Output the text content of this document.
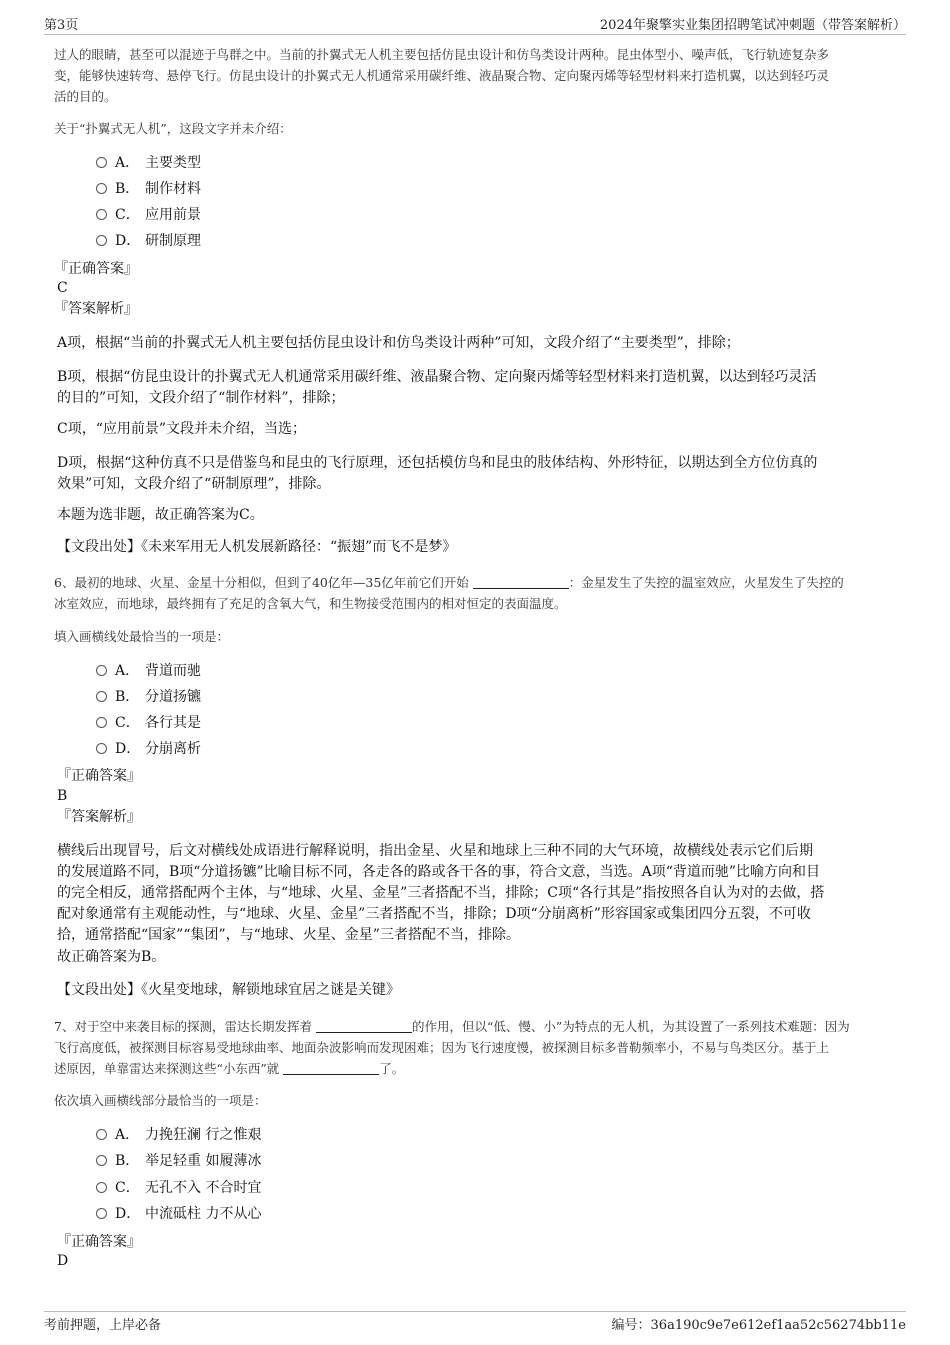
第3页	2024年聚擎实业集团招聘笔试冲刺题（带答案解析）
过人的眼睛，甚至可以混迹于鸟群之中。当前的扑翼式无人机主要包括仿昆虫设计和仿鸟类设计两种。昆虫体型小、噪声低，飞行轨迹复杂多
变，能够快速转弯、悬停飞行。仿昆虫设计的扑翼式无人机通常采用碳纤维、液晶聚合物、定向聚丙烯等轻型材料来打造机翼，以达到轻巧灵
活的目的。
关于“扑翼式无人机”，这段文字并未介绍：
A． 主要类型
B． 制作材料
C． 应用前景
D． 研制原理
『正确答案』
C
『答案解析』
A项，根据“当前的扑翼式无人机主要包括仿昆虫设计和仿鸟类设计两种”可知，文段介绍了“主要类型”，排除；
B项，根据“仿昆虫设计的扑翼式无人机通常采用碳纤维、液晶聚合物、定向聚丙烯等轻型材料来打造机翼，以达到轻巧灵活
的目的”可知，文段介绍了“制作材料”，排除；
C项，“应用前景”文段并未介绍，当选；
D项，根据“这种仿真不只是借鉴鸟和昆虫的飞行原理，还包括模仿鸟和昆虫的肢体结构、外形特征，以期达到全方位仿真的
效果”可知，文段介绍了“研制原理”，排除。
本题为选非题，故正确答案为C。
【文段出处】《未来军用无人机发展新路径：“振翅”而飞不是梦》
6、最初的地球、火星、金星十分相似，但到了40亿年—35亿年前它们开始	：金星发生了失控的温室效应，火星发生了失控的
冰室效应，而地球，最终拥有了充足的含氧大气，和生物接受范围内的相对恒定的表面温度。
填入画横线处最恰当的一项是：
A． 背道而驰
B． 分道扬镳
C． 各行其是
D． 分崩离析
『正确答案』
B
『答案解析』
横线后出现冒号，后文对横线处成语进行解释说明，指出金星、火星和地球上三种不同的大气环境，故横线处表示它们后期
的发展道路不同，B项“分道扬镳”比喻目标不同，各走各的路或各干各的事，符合文意，当选。A项“背道而驰”比喻方向和目
的完全相反，通常搭配两个主体，与“地球、火星、金星”三者搭配不当，排除；C项“各行其是”指按照各自认为对的去做，搭
配对象通常有主观能动性，与“地球、火星、金星”三者搭配不当，排除；D项“分崩离析”形容国家或集团四分五裂，不可收
拾，通常搭配“国家”“集团”，与“地球、火星、金星”三者搭配不当，排除。
故正确答案为B。
【文段出处】《火星变地球，解锁地球宜居之谜是关键》
7、对于空中来袭目标的探测，雷达长期发挥着	的作用，但以“低、慢、小”为特点的无人机，为其设置了一系列技术难题：因为
飞行高度低，被探测目标容易受地球曲率、地面杂波影响而发现困难；因为飞行速度慢，被探测目标多普勒频率小，不易与鸟类区分。基于上
述原因，单靠雷达来探测这些“小东西”就	了。
依次填入画横线部分最恰当的一项是：
A． 力挽狂澜 行之惟艰
B． 举足轻重 如履薄冰
C． 无孔不入 不合时宜
D． 中流砥柱 力不从心
『正确答案』
D
考前押题，上岸必备	编号：36a190c9e7e612ef1aa52c56274bb11e
